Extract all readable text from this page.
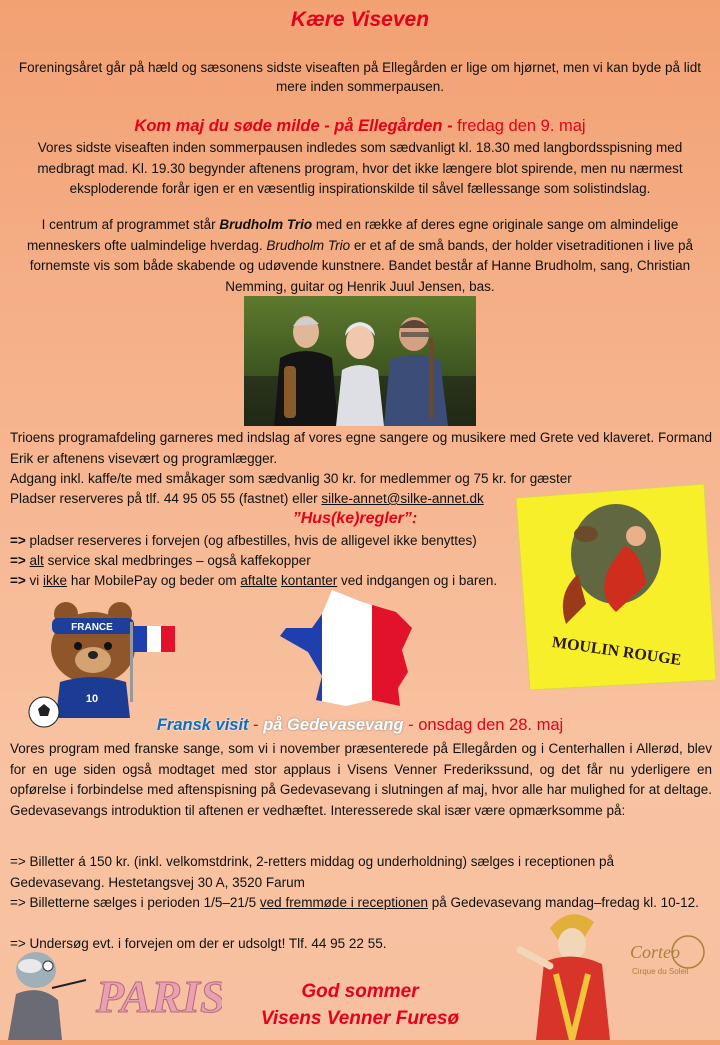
Kære Viseven
Foreningsåret går på hæld og sæsonens sidste viseaften på Ellegården er lige om hjørnet, men vi kan byde på lidt mere inden sommerpausen.
Kom maj du søde milde - på Ellegården - fredag den 9. maj
Vores sidste viseaften inden sommerpausen indledes som sædvanligt kl. 18.30 med langbordsspisning med medbragt mad. Kl. 19.30 begynder aftenens program, hvor det ikke længere blot spirende, men nu nærmest eksploderende forår igen er en væsentlig inspirationskilde til såvel fællessange som solistindslag.
I centrum af programmet står Brudholm Trio med en række af deres egne originale sange om almindelige menneskers ofte ualmindelige hverdag. Brudholm Trio er et af de små bands, der holder visetraditionen i live på fornemste vis som både skabende og udøvende kunstnere. Bandet består af Hanne Brudholm, sang, Christian Nemming, guitar og Henrik Juul Jensen, bas.
Trioens programafdeling garneres med indslag af vores egne sangere og musikere med Grete ved klaveret. Formand Erik er aftenens visevært og programlægger.
Adgang inkl. kaffe/te med småkager som sædvanlig 30 kr. for medlemmer og 75 kr. for gæster
Pladser reserveres på tlf. 44 95 05 55 (fastnet) eller silke-annet@silke-annet.dk
”Hus(ke)regler”:
=> pladser reserveres i forvejen (og afbestilles, hvis de alligevel ikke benyttes)
=> alt service skal medbringes – også kaffekopper
=> vi ikke har MobilePay og beder om aftalte kontanter ved indgangen og i baren.
MOULIN ROUGE
FRANCE
10
Fransk visit - på Gedevasevang - onsdag den 28. maj
Vores program med franske sange, som vi i november præsenterede på Ellegården og i Centerhallen i Allerød, blev for en uge siden også modtaget med stor applaus i Visens Venner Frederikssund, og det får nu yderligere en opførelse i forbindelse med aftenspisning på Gedevasevang i slutningen af maj, hvor alle har mulighed for at deltage. Gedevasevangs introduktion til aftenen er vedhæftet. Interesserede skal især være opmærksomme på:
=> Billetter á 150 kr. (inkl. velkomstdrink, 2-retters middag og underholdning) sælges i receptionen på Gedevasevang. Hestetangsvej 30 A, 3520 Farum
=> Billetterne sælges i perioden 1/5–21/5 ved fremmøde i receptionen på Gedevasevang mandag–fredag kl. 10-12.
=> Undersøg evt. i forvejen om der er udsolgt! Tlf. 44 95 22 55.
PARIS	God sommer
Visens Venner Furesø
Corteo
Cirque du Soleil
